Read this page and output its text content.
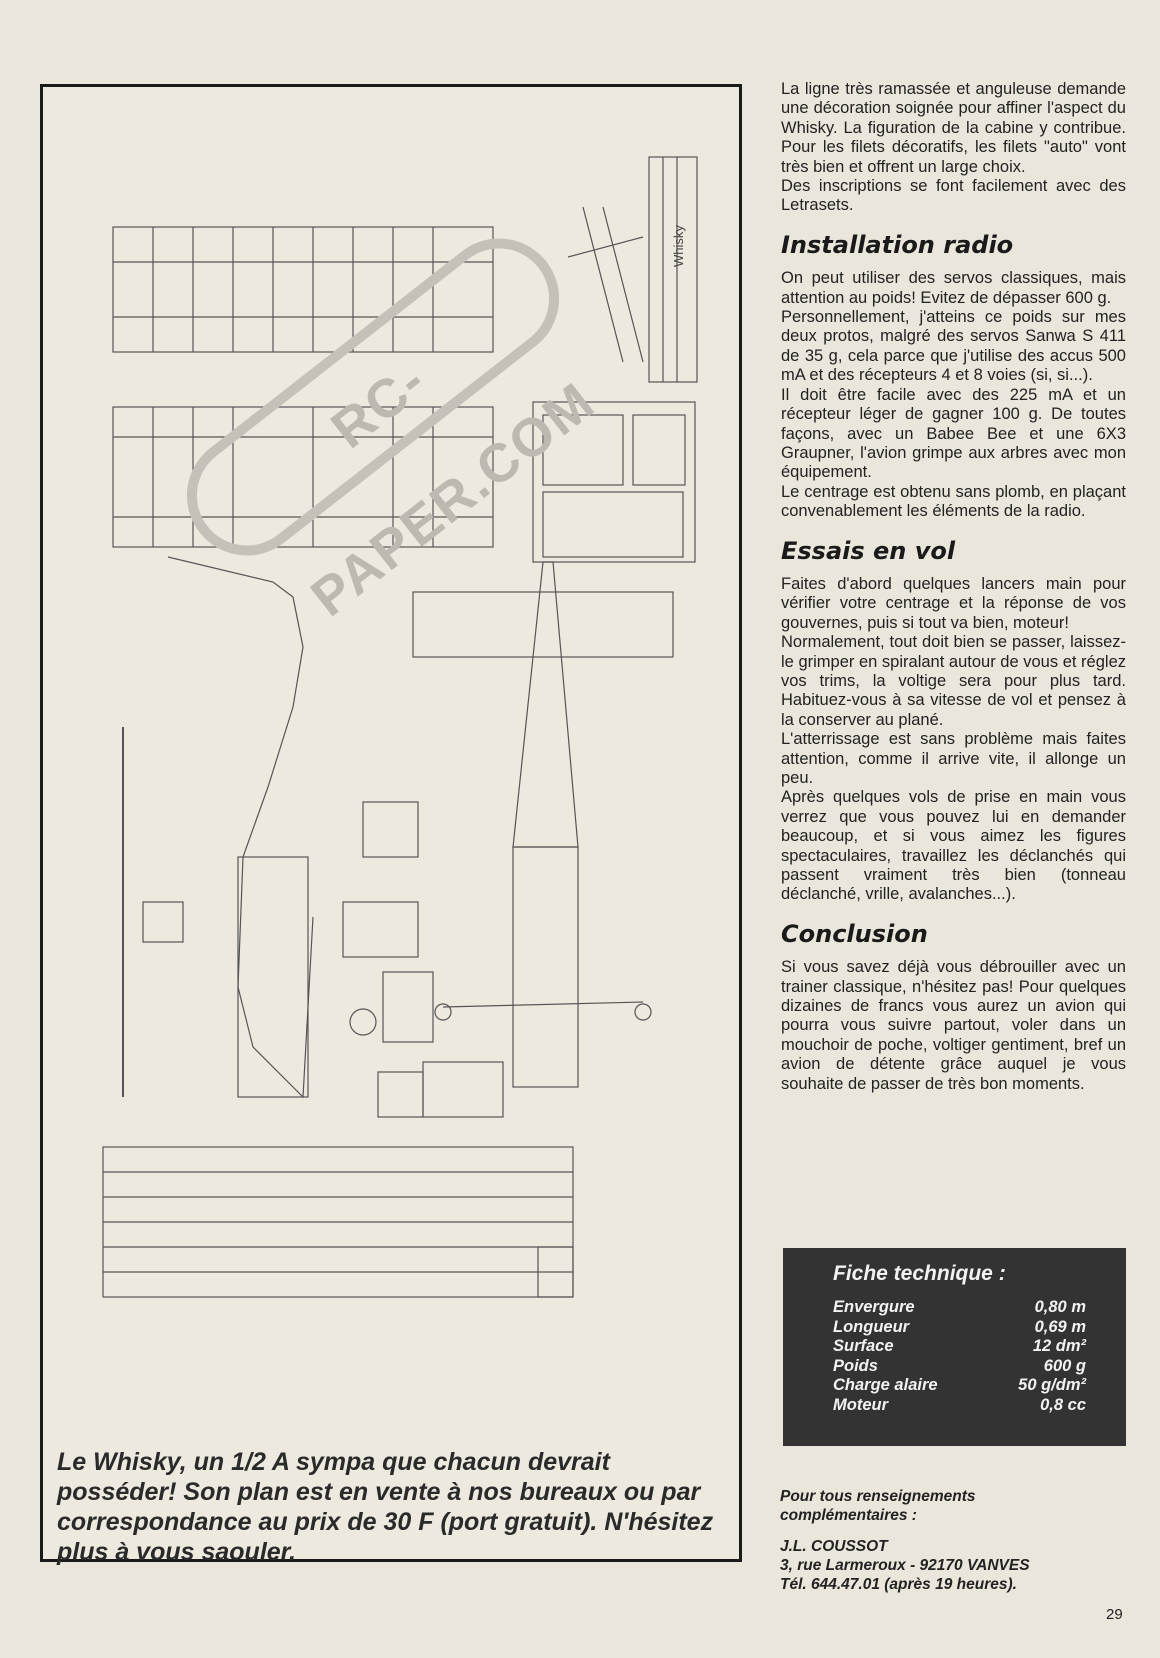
Whisky
RC-PAPER.COM

Le Whisky, un 1/2 A sympa que chacun devrait posséder! Son plan est en vente à nos bureaux ou par correspondance au prix de 30 F (port gratuit). N'hésitez plus à vous saouler.

La ligne très ramassée et anguleuse demande une décoration soignée pour affiner l'aspect du Whisky. La figuration de la cabine y contribue. Pour les filets décoratifs, les filets "auto" vont très bien et offrent un large choix.

Des inscriptions se font facilement avec des Letrasets.

Installation radio

On peut utiliser des servos classiques, mais attention au poids! Evitez de dépasser 600 g.

Personnellement, j'atteins ce poids sur mes deux protos, malgré des servos Sanwa S 411 de 35 g, cela parce que j'utilise des accus 500 mA et des récepteurs 4 et 8 voies (si, si...).

Il doit être facile avec des 225 mA et un récepteur léger de gagner 100 g. De toutes façons, avec un Babee Bee et une 6X3 Graupner, l'avion grimpe aux arbres avec mon équipement.

Le centrage est obtenu sans plomb, en plaçant convenablement les éléments de la radio.

Essais en vol

Faites d'abord quelques lancers main pour vérifier votre centrage et la réponse de vos gouvernes, puis si tout va bien, moteur!

Normalement, tout doit bien se passer, laissez-le grimper en spiralant autour de vous et réglez vos trims, la voltige sera pour plus tard. Habituez-vous à sa vitesse de vol et pensez à la conserver au plané.

L'atterrissage est sans problème mais faites attention, comme il arrive vite, il allonge un peu.

Après quelques vols de prise en main vous verrez que vous pouvez lui en demander beaucoup, et si vous aimez les figures spectaculaires, travaillez les déclanchés qui passent vraiment très bien (tonneau déclanché, vrille, avalanches...).

Conclusion

Si vous savez déjà vous débrouiller avec un trainer classique, n'hésitez pas! Pour quelques dizaines de francs vous aurez un avion qui pourra vous suivre partout, voler dans un mouchoir de poche, voltiger gentiment, bref un avion de détente grâce auquel je vous souhaite de passer de très bon moments.

Fiche technique :
Envergure	0,80 m
Longueur	0,69 m
Surface	12 dm²
Poids	600 g
Charge alaire	50 g/dm²
Moteur	0,8 cc

Pour tous renseignements

complémentaires :

J.L. COUSSOT

3, rue Larmeroux - 92170 VANVES

Tél. 644.47.01 (après 19 heures).

29
